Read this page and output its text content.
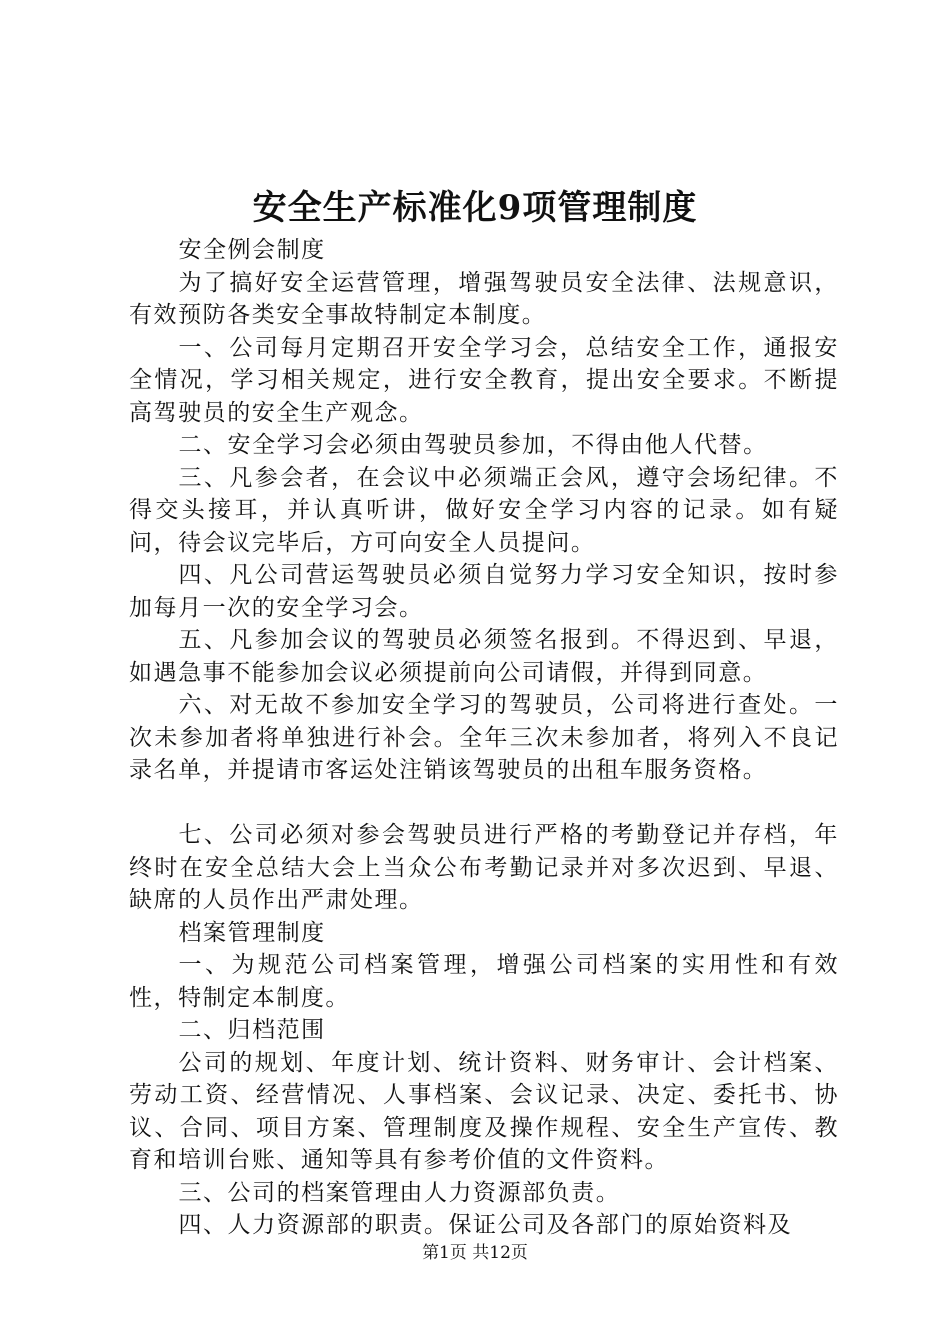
安全生产标准化9项管理制度

安全例会制度

为了搞好安全运营管理，增强驾驶员安全法律、法规意识，有效预防各类安全事故特制定本制度。

一、公司每月定期召开安全学习会，总结安全工作，通报安全情况，学习相关规定，进行安全教育，提出安全要求。不断提高驾驶员的安全生产观念。

二、安全学习会必须由驾驶员参加，不得由他人代替。

三、凡参会者，在会议中必须端正会风，遵守会场纪律。不得交头接耳，并认真听讲，做好安全学习内容的记录。如有疑问，待会议完毕后，方可向安全人员提问。

四、凡公司营运驾驶员必须自觉努力学习安全知识，按时参加每月一次的安全学习会。

五、凡参加会议的驾驶员必须签名报到。不得迟到、早退，如遇急事不能参加会议必须提前向公司请假，并得到同意。

六、对无故不参加安全学习的驾驶员，公司将进行查处。一次未参加者将单独进行补会。全年三次未参加者，将列入不良记录名单，并提请市客运处注销该驾驶员的出租车服务资格。

七、公司必须对参会驾驶员进行严格的考勤登记并存档，年终时在安全总结大会上当众公布考勤记录并对多次迟到、早退、缺席的人员作出严肃处理。

档案管理制度

一、为规范公司档案管理，增强公司档案的实用性和有效性，特制定本制度。

二、归档范围

公司的规划、年度计划、统计资料、财务审计、会计档案、劳动工资、经营情况、人事档案、会议记录、决定、委托书、协议、合同、项目方案、管理制度及操作规程、安全生产宣传、教育和培训台账、通知等具有参考价值的文件资料。

三、公司的档案管理由人力资源部负责。

四、人力资源部的职责。保证公司及各部门的原始资料及

第1页 共12页
